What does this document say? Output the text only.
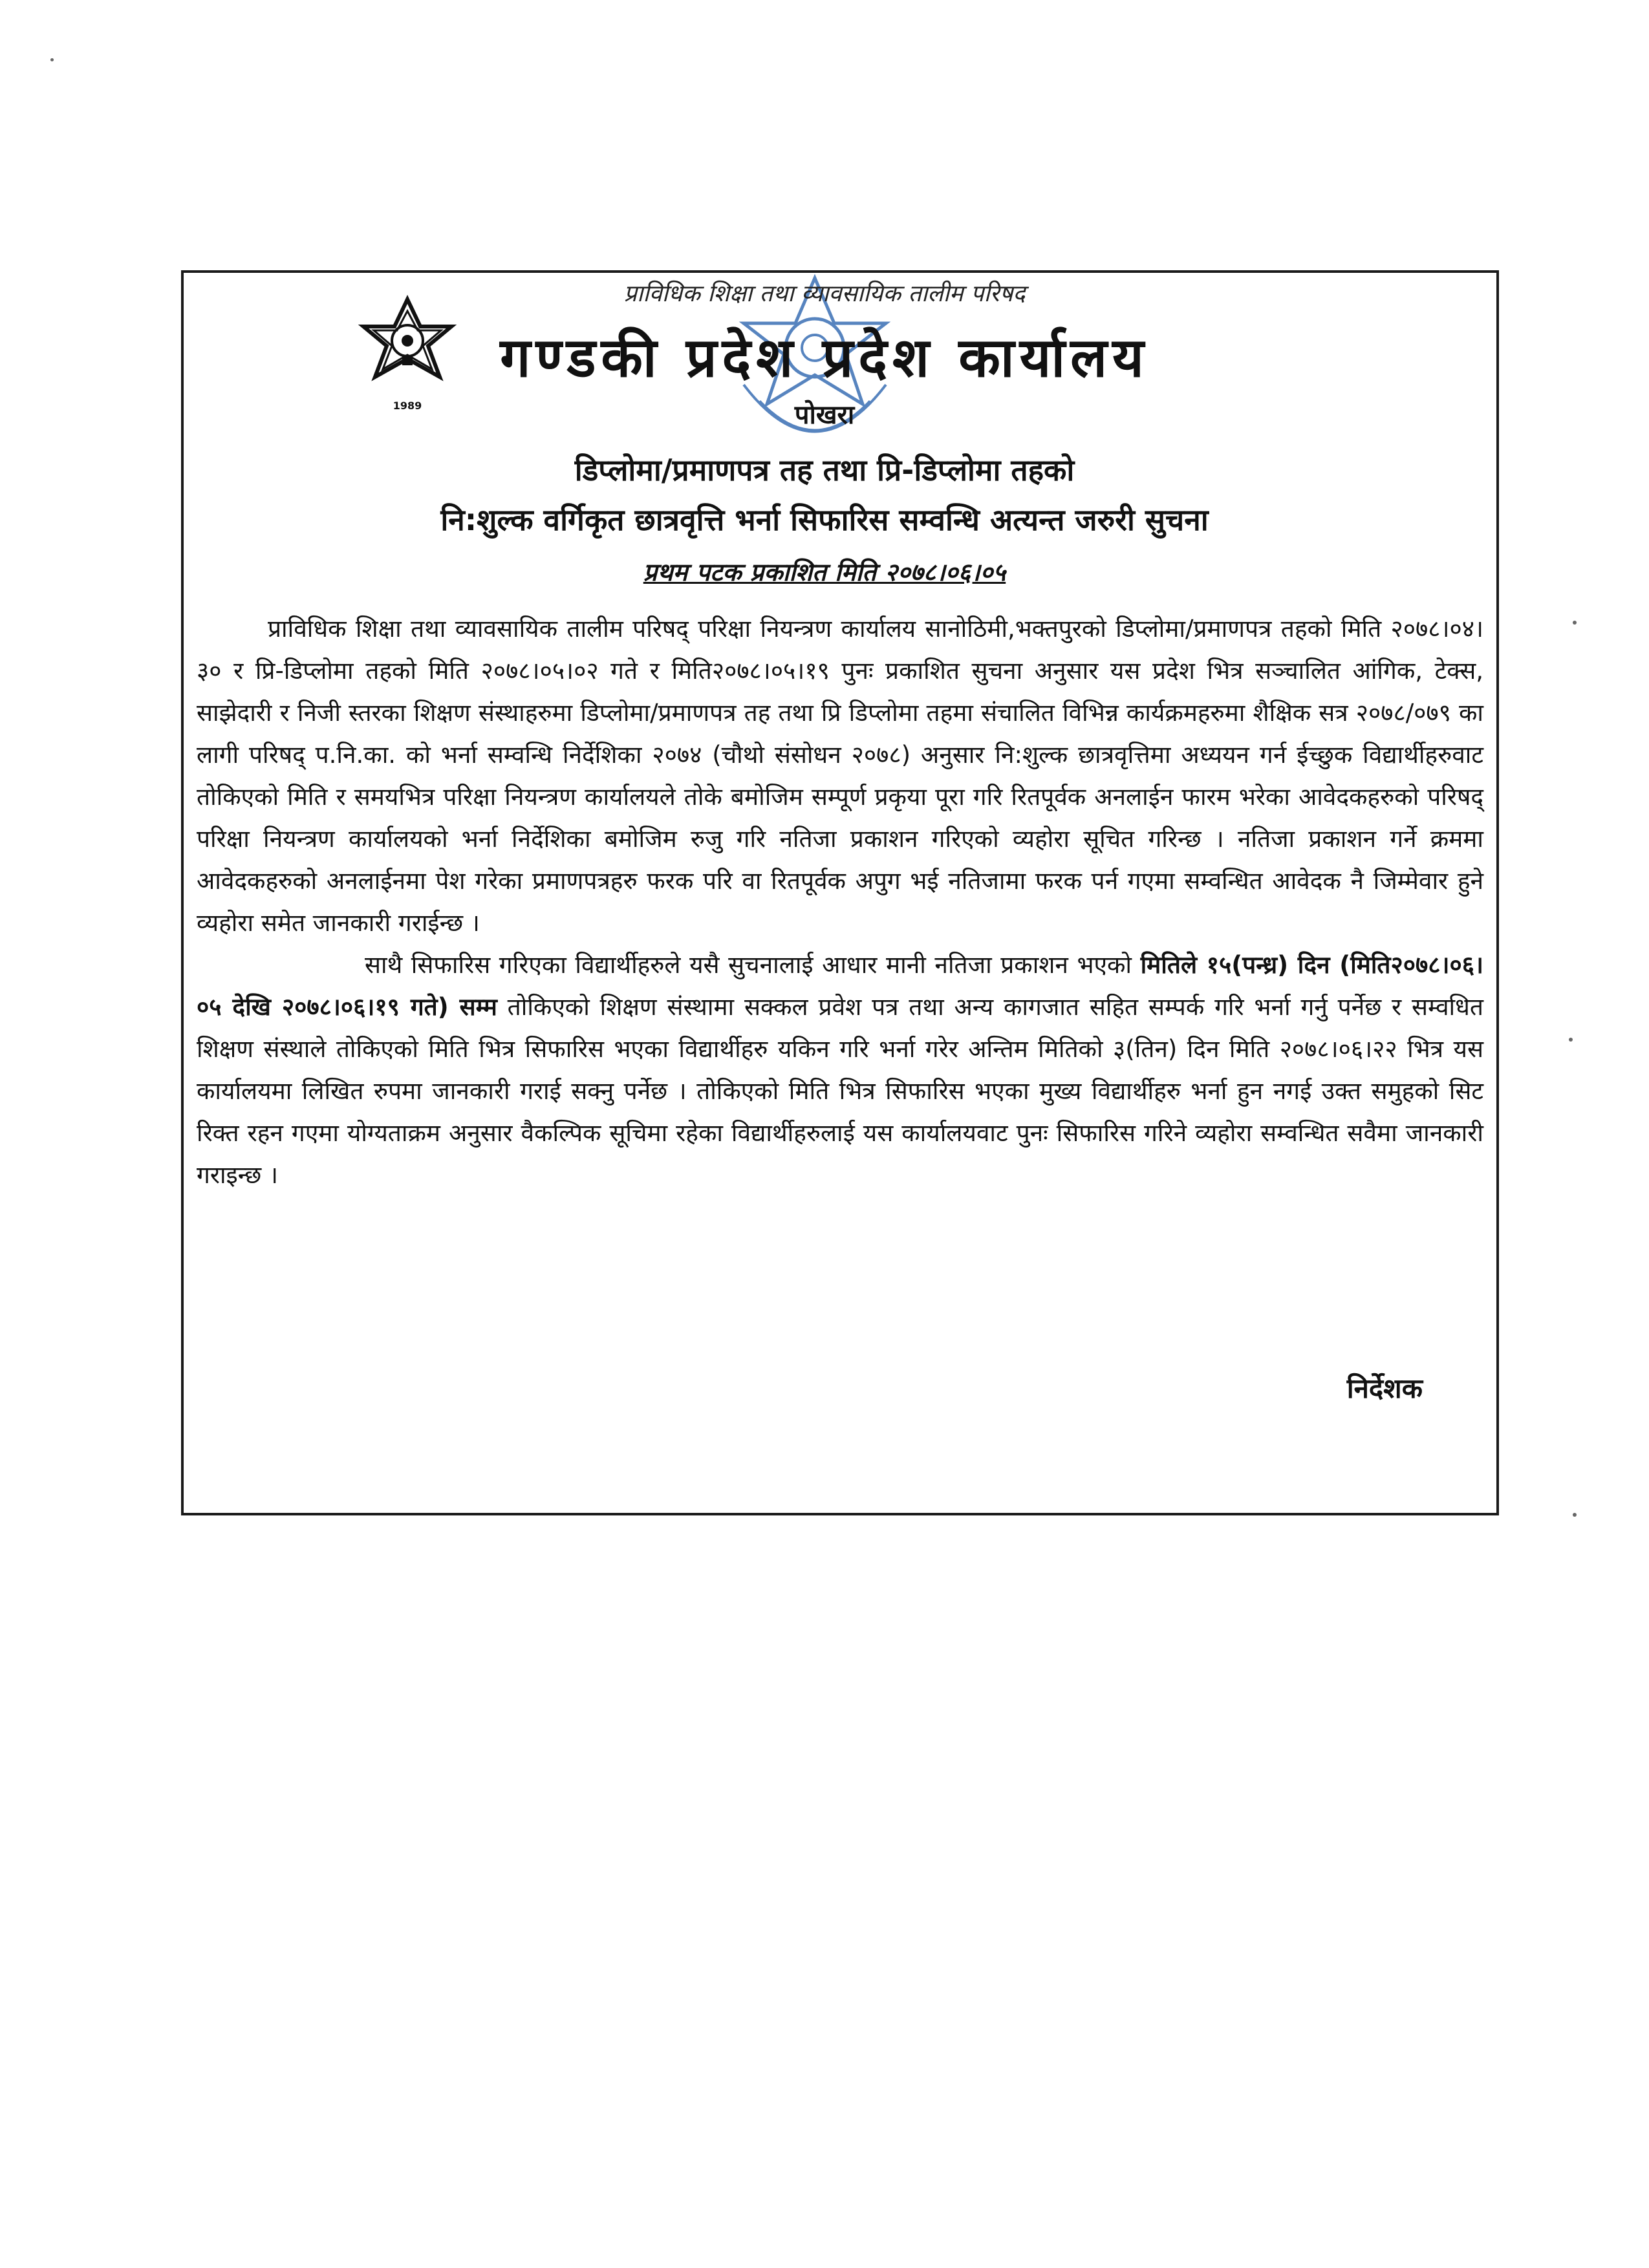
1989
प्राविधिक शिक्षा तथा व्यावसायिक तालीम परिषद
गण्डकी प्रदेश प्रदेश कार्यालय
पोखरा
डिप्लोमा/प्रमाणपत्र तह तथा प्रि-डिप्लोमा तहको
नि:शुल्क वर्गिकृत छात्रवृत्ति भर्ना सिफारिस सम्वन्धि अत्यन्त जरुरी सुचना
प्रथम पटक प्रकाशित मिति २०७८।०६।०५

प्राविधिक शिक्षा तथा व्यावसायिक तालीम परिषद् परिक्षा नियन्त्रण कार्यालय सानोठिमी,भक्तपुरको डिप्लोमा/प्रमाणपत्र तहको मिति २०७८।०४।३० र प्रि-डिप्लोमा तहको मिति २०७८।०५।०२ गते र मिति२०७८।०५।१९ पुनः प्रकाशित सुचना अनुसार यस प्रदेश भित्र सञ्चालित आंगिक, टेक्स, साझेदारी र निजी स्तरका शिक्षण संस्थाहरुमा डिप्लोमा/प्रमाणपत्र तह तथा प्रि डिप्लोमा तहमा संचालित विभिन्न कार्यक्रमहरुमा शैक्षिक सत्र २०७८/०७९ का लागी परिषद् प.नि.का. को भर्ना सम्वन्धि निर्देशिका २०७४ (चौथो संसोधन २०७८) अनुसार नि:शुल्क छात्रवृत्तिमा अध्ययन गर्न ईच्छुक विद्यार्थीहरुवाट तोकिएको मिति र समयभित्र परिक्षा नियन्त्रण कार्यालयले तोके बमोजिम सम्पूर्ण प्रकृया पूरा गरि रितपूर्वक अनलाईन फारम भरेका आवेदकहरुको परिषद् परिक्षा नियन्त्रण कार्यालयको भर्ना निर्देशिका बमोजिम रुजु गरि नतिजा प्रकाशन गरिएको व्यहोरा सूचित गरिन्छ । नतिजा प्रकाशन गर्ने क्रममा आवेदकहरुको अनलाईनमा पेश गरेका प्रमाणपत्रहरु फरक परि वा रितपूर्वक अपुग भई नतिजामा फरक पर्न गएमा सम्वन्धित आवेदक नै जिम्मेवार हुने व्यहोरा समेत जानकारी गराईन्छ ।

साथै सिफारिस गरिएका विद्यार्थीहरुले यसै सुचनालाई आधार मानी नतिजा प्रकाशन भएको मितिले १५(पन्ध्र) दिन (मिति२०७८।०६।०५ देखि २०७८।०६।१९ गते) सम्म तोकिएको शिक्षण संस्थामा सक्कल प्रवेश पत्र तथा अन्य कागजात सहित सम्पर्क गरि भर्ना गर्नु पर्नेछ र सम्वधित शिक्षण संस्थाले तोकिएको मिति भित्र सिफारिस भएका विद्यार्थीहरु यकिन गरि भर्ना गरेर अन्तिम मितिको ३(तिन) दिन मिति २०७८।०६।२२ भित्र यस कार्यालयमा लिखित रुपमा जानकारी गराई सक्नु पर्नेछ । तोकिएको मिति भित्र सिफारिस भएका मुख्य विद्यार्थीहरु भर्ना हुन नगई उक्त समुहको सिट रिक्त रहन गएमा योग्यताक्रम अनुसार वैकल्पिक सूचिमा रहेका विद्यार्थीहरुलाई यस कार्यालयवाट पुनः सिफारिस गरिने व्यहोरा सम्वन्धित सवैमा जानकारी गराइन्छ ।

निर्देशक
